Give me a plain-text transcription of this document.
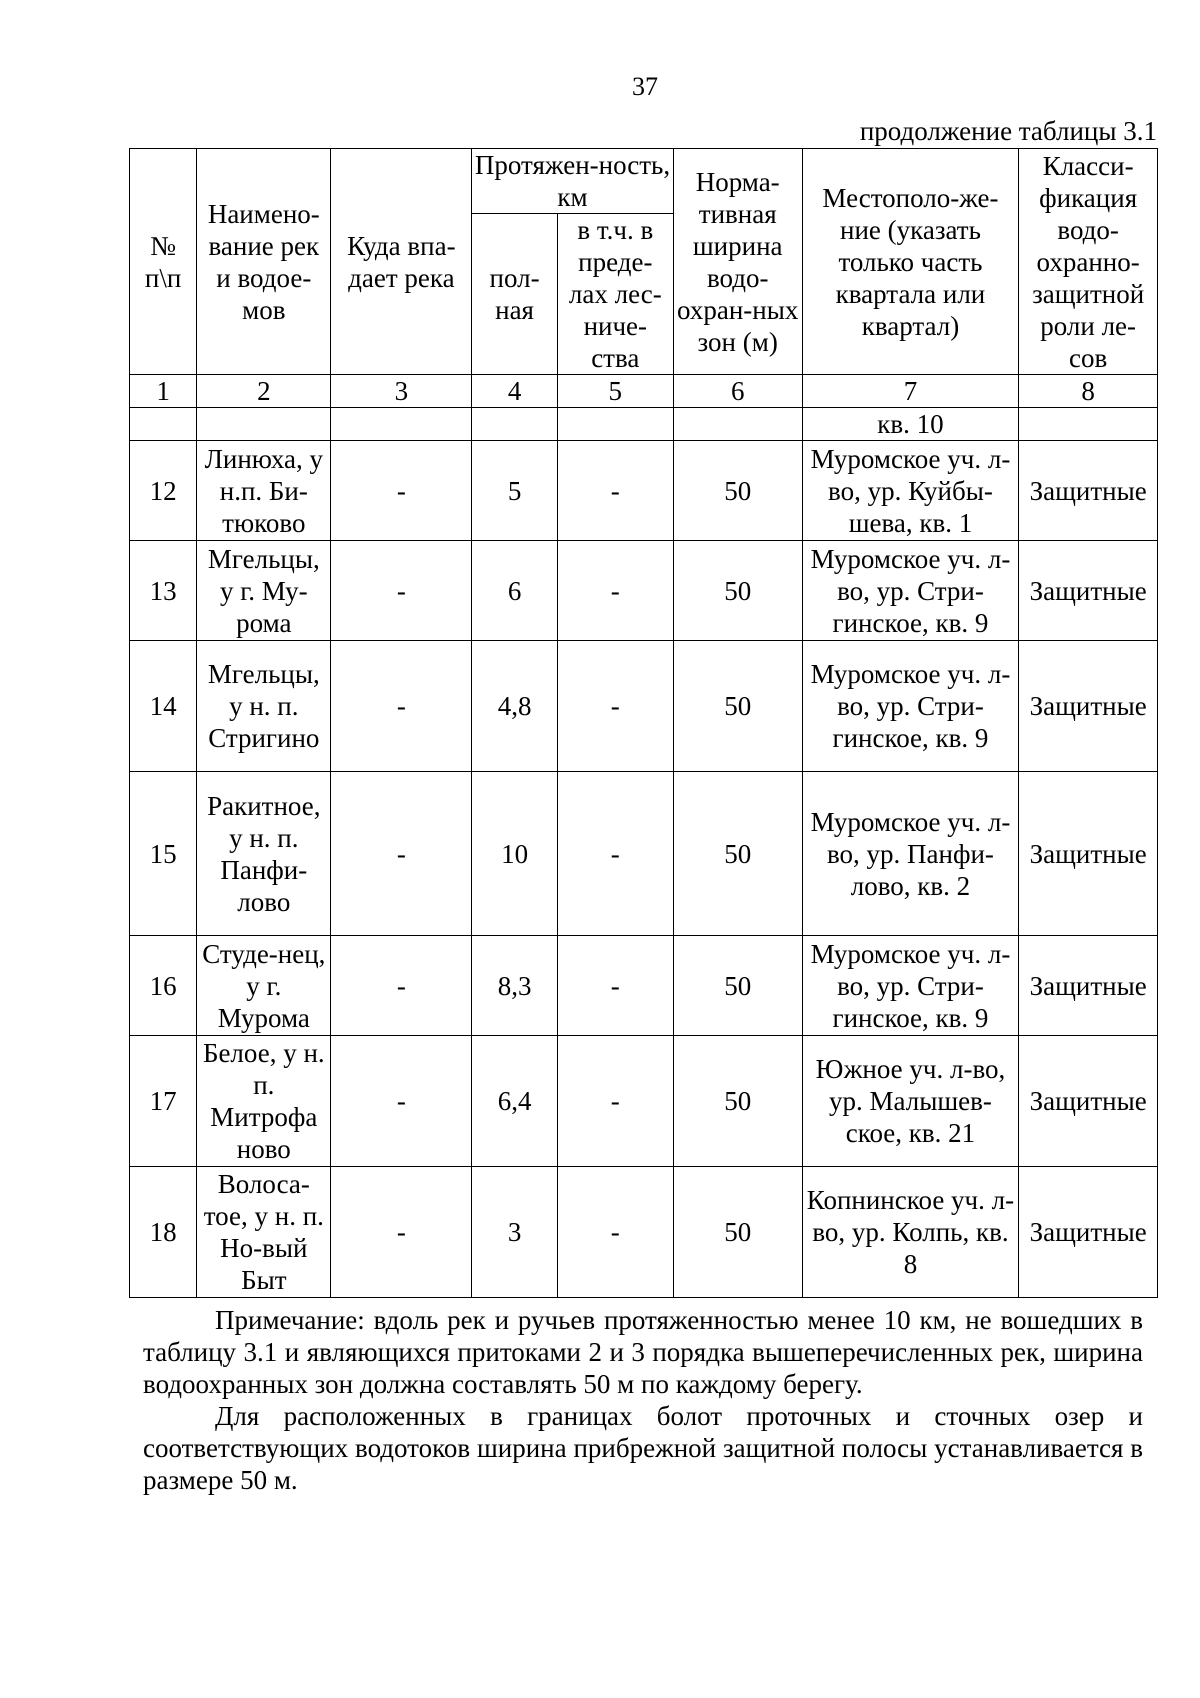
37
продолжение таблицы 3.1
№ п\п	Наимено-вание рек и водое-мов	Куда впа-дает река	Протяжен-ность, км		Норма-тивная ширина водо-охран-ных зон (м)	Местополо-же-ние (указать только часть квартала или квартал)	Класси-фикация водо-охранно-защитной роли ле-сов
			пол-ная	в т.ч. в преде-лах лес-ниче-ства			
1	2	3	4	5	6	7	8
						кв. 10	
12	Линюха, у н.п. Би-тюково	-	5	-	50	Муромское уч. л-во, ур. Куйбы-шева, кв. 1	Защитные
13	Мгельцы, у г. Му-рома	-	6	-	50	Муромское уч. л-во, ур. Стри-гинское, кв. 9	Защитные
14	Мгельцы, у н. п. Стригино	-	4,8	-	50	Муромское уч. л-во, ур. Стри-гинское, кв. 9	Защитные
15	Ракитное, у н. п. Панфи-лово	-	10	-	50	Муромское уч. л-во, ур. Панфи-лово, кв. 2	Защитные
16	Студе-нец, у г. Мурома	-	8,3	-	50	Муромское уч. л-во, ур. Стри-гинское, кв. 9	Защитные
17	Белое, у н. п. Митрофа ново	-	6,4	-	50	Южное уч. л-во, ур. Малышев-ское, кв. 21	Защитные
18	Волоса-тое, у н. п. Но-вый Быт	-	3	-	50	Копнинское уч. л-во, ур. Колпь, кв. 8	Защитные

Примечание: вдоль рек и ручьев протяженностью менее 10 км, не вошедших в таблицу 3.1 и являющихся притоками 2 и 3 порядка вышеперечисленных рек, ширина водоохранных зон должна составлять 50 м по каждому берегу.

Для расположенных в границах болот проточных и сточных озер и соответствующих водотоков ширина прибрежной защитной полосы устанавливается в размере 50 м.
